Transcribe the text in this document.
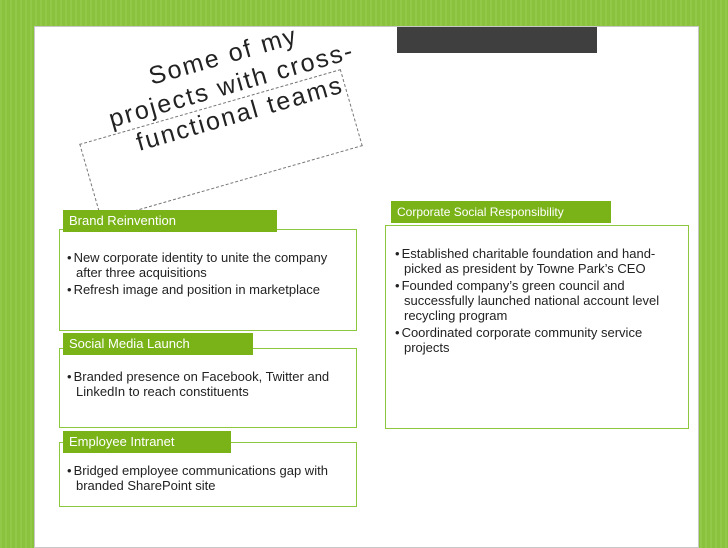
Some of my
projects with cross-
functional teams
• New corporate identity to unite the company after three acquisitions
• Refresh image and position in marketplace
Brand Reinvention
• Branded presence on Facebook, Twitter and LinkedIn to reach constituents
Social Media Launch
• Bridged employee communications gap with branded SharePoint site
Employee Intranet
• Established charitable foundation and hand-picked as president by Towne Park’s CEO
• Founded company’s green council and successfully launched national account level recycling program
• Coordinated corporate community service projects
Corporate Social Responsibility
